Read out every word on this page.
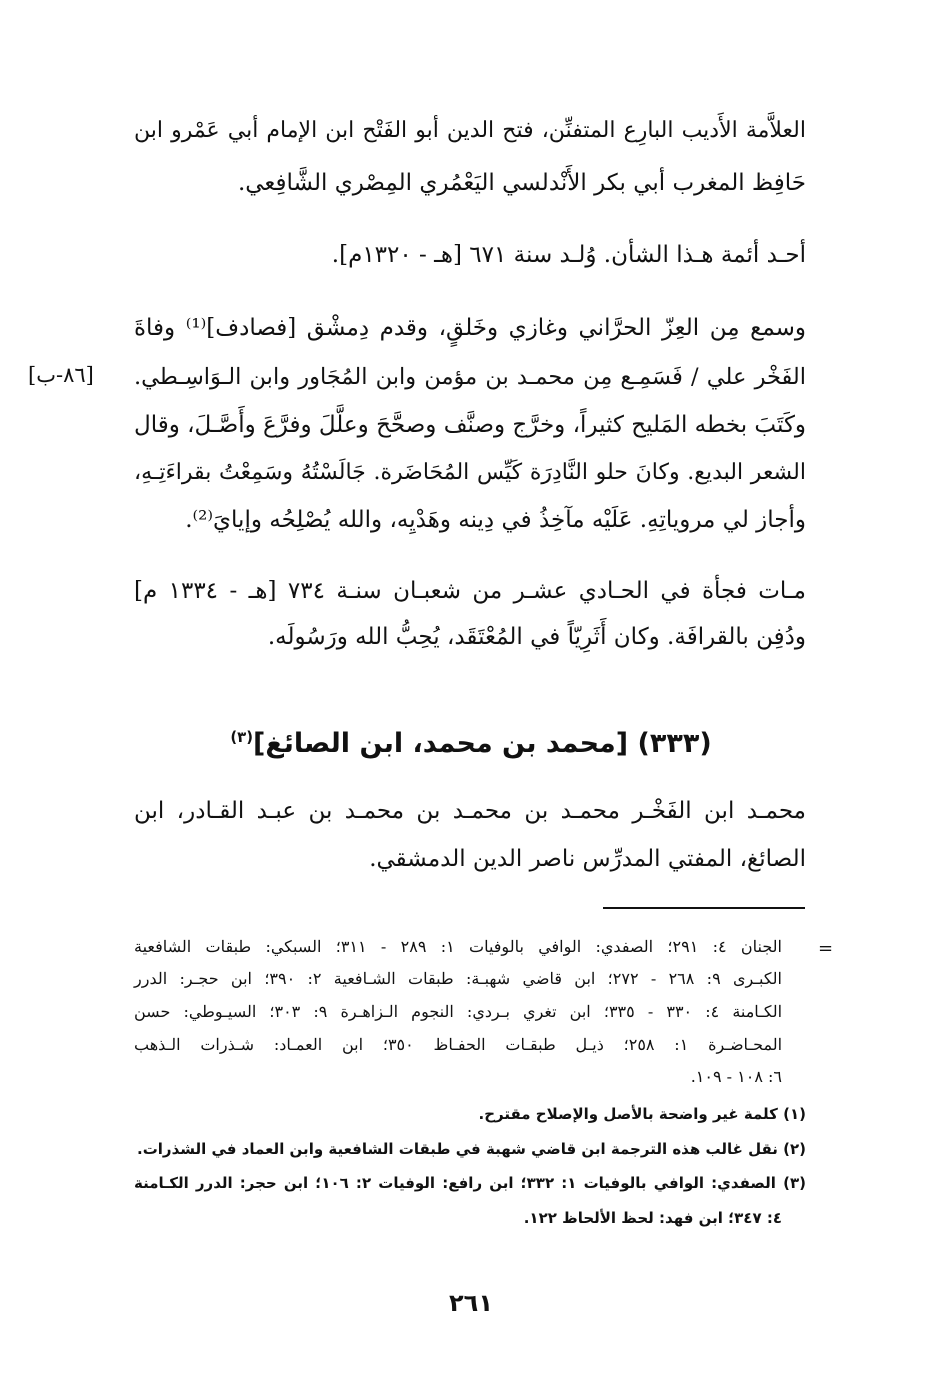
العلاَّمة الأَديب البارِع المتفنِّن، فتح الدين أبو الفَتْح ابن الإمام أبي عَمْرو ابن
حَافِظ المغرب أبي بكر الأَنْدلسي اليَعْمُري المِصْري الشَّافِعي.
أحـد أئمة هـذا الشأن. وُلـد سنة ٦٧١ [هـ - ١٣٢٠م].
وسمع مِن العِزّ الحرَّاني وغازي وخَلقٍ، وقدم دِمشْق [فصادف]⁽¹⁾ وفاةَ
الفَخْر علي / فَسَمِـع مِن محمـد بن مؤمن وابن المُجَاور وابن الـوَاسِـطي.
وكَتَبَ بخطه المَليح كثيراً، وخرَّج وصنَّف وصحَّحَ وعلَّلَ وفرَّعَ وأَصَّـلَ، وقال
الشعر البديع. وكانَ حلو النَّادِرَة كَيِّس المُحَاضَرة. جَالَسْتُهُ وسَمِعْتُ بقراءَتِـهِ،
وأجاز لي مروياتِهِ. عَلَيْه مآخِذُ في دِينه وهَدْيِه، والله يُصْلِحُه وإيايَ⁽²⁾.
[٨٦-ب]
مـات فجأة في الحـادي عشـر من شعبـان سنـة ٧٣٤ [هـ - ١٣٣٤ م]
ودُفِن بالقرافَة. وكان أَثَرِيّاً في المُعْتَقَد، يُحِبُّ الله ورَسُولَه.
(٣٣٣) [محمد بن محمد، ابن الصائغ]$^{(٣)}$
محمـد ابن الفَخْـر محمـد بن محمـد بن محمـد بن عبـد القـادر، ابن
الصائغ، المفتي المدرِّس ناصر الدين الدمشقي.
=
الجنان ٤: ٢٩١؛ الصفدي: الوافي بالوفيات ١: ٢٨٩ - ٣١١؛ السبكي: طبقات الشافعية
الكبـرى ٩: ٢٦٨ - ٢٧٢؛ ابن قاضي شهبـة: طبقات الشـافعية ٢: ٣٩٠؛ ابن حجـر: الدرر
الكـامنة ٤: ٣٣٠ - ٣٣٥؛ ابن تغري بـردي: النجوم الـزاهـرة ٩: ٣٠٣؛ السيـوطي: حسن
المحـاضـرة ١: ٢٥٨؛ ذيـل طبقـات الحفـاظ ٣٥٠؛ ابن العمـاد: شـذرات الـذهب
٦: ١٠٨ - ١٠٩.
(١) كلمة غير واضحة بالأصل والإصلاح مقترح.
(٢) نقل غالب هذه الترجمة ابن قاضي شهبة في طبقات الشافعية وابن العماد في الشذرات.
(٣) الصفدي: الوافي بالوفيات ١: ٣٣٢؛ ابن رافع: الوفيات ٢: ١٠٦؛ ابن حجر: الدرر الكـامنة
٤: ٣٤٧؛ ابن فهد: لحظ الألحاظ ١٢٢.
٢٦١
